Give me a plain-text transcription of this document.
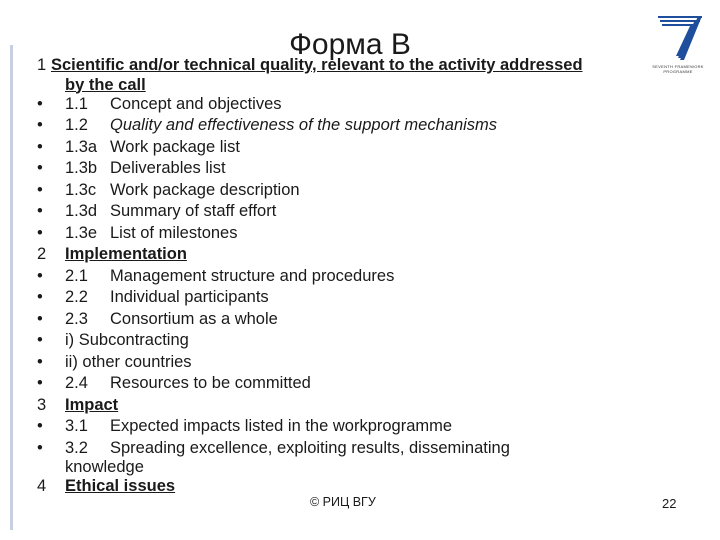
Форма В
SEVENTH FRAMEWORK PROGRAMME
1 Scientific and/or technical quality, relevant to the activity addressed
by the call
•	1.1 Concept and objectives
•	1.2 Quality and effectiveness of the support mechanisms
•	1.3a Work package list
•	1.3b Deliverables list
•	1.3c Work package description
•	1.3d Summary of staff effort
•	1.3e List of milestones
2	Implementation
•	2.1 Management structure and procedures
•	2.2 Individual participants
•	2.3 Consortium as a whole
•	i) Subcontracting
•	ii) other countries
•	2.4 Resources to be committed
3	Impact
•	3.1 Expected impacts listed in the workprogramme
•	3.2 Spreading excellence, exploiting results, disseminating
knowledge
4	Ethical issues
© РИЦ ВГУ	22
